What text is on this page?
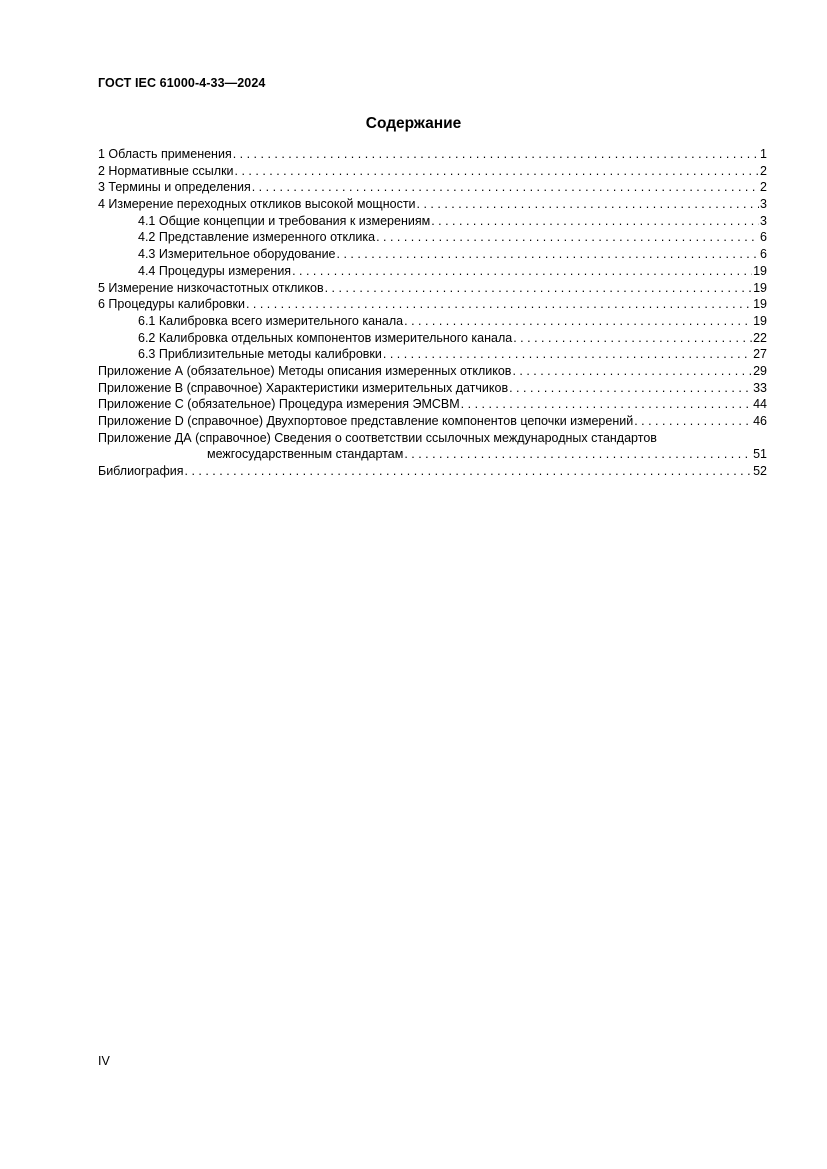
ГОСТ IEC 61000-4-33—2024
Содержание
1 Область применения . . .	1
2 Нормативные ссылки . . .	2
3 Термины и определения . . .	2
4 Измерение переходных откликов высокой мощности . . .	3
4.1 Общие концепции и требования к измерениям . . .	3
4.2 Представление измеренного отклика . . .	6
4.3 Измерительное оборудование . . .	6
4.4 Процедуры измерения . . .	19
5 Измерение низкочастотных откликов . . .	19
6 Процедуры калибровки . . .	19
6.1 Калибровка всего измерительного канала . . .	19
6.2 Калибровка отдельных компонентов измерительного канала . . .	22
6.3 Приблизительные методы калибровки . . .	27
Приложение А (обязательное) Методы описания измеренных откликов . . .	29
Приложение В (справочное) Характеристики измерительных датчиков . . .	33
Приложение С (обязательное) Процедура измерения ЭМСВМ . . .	44
Приложение D (справочное) Двухпортовое представление компонентов цепочки измерений . . .	46
Приложение ДА (справочное) Сведения о соответствии ссылочных международных стандартов
межгосударственным стандартам . . .	51
Библиография . . .	52
IV
